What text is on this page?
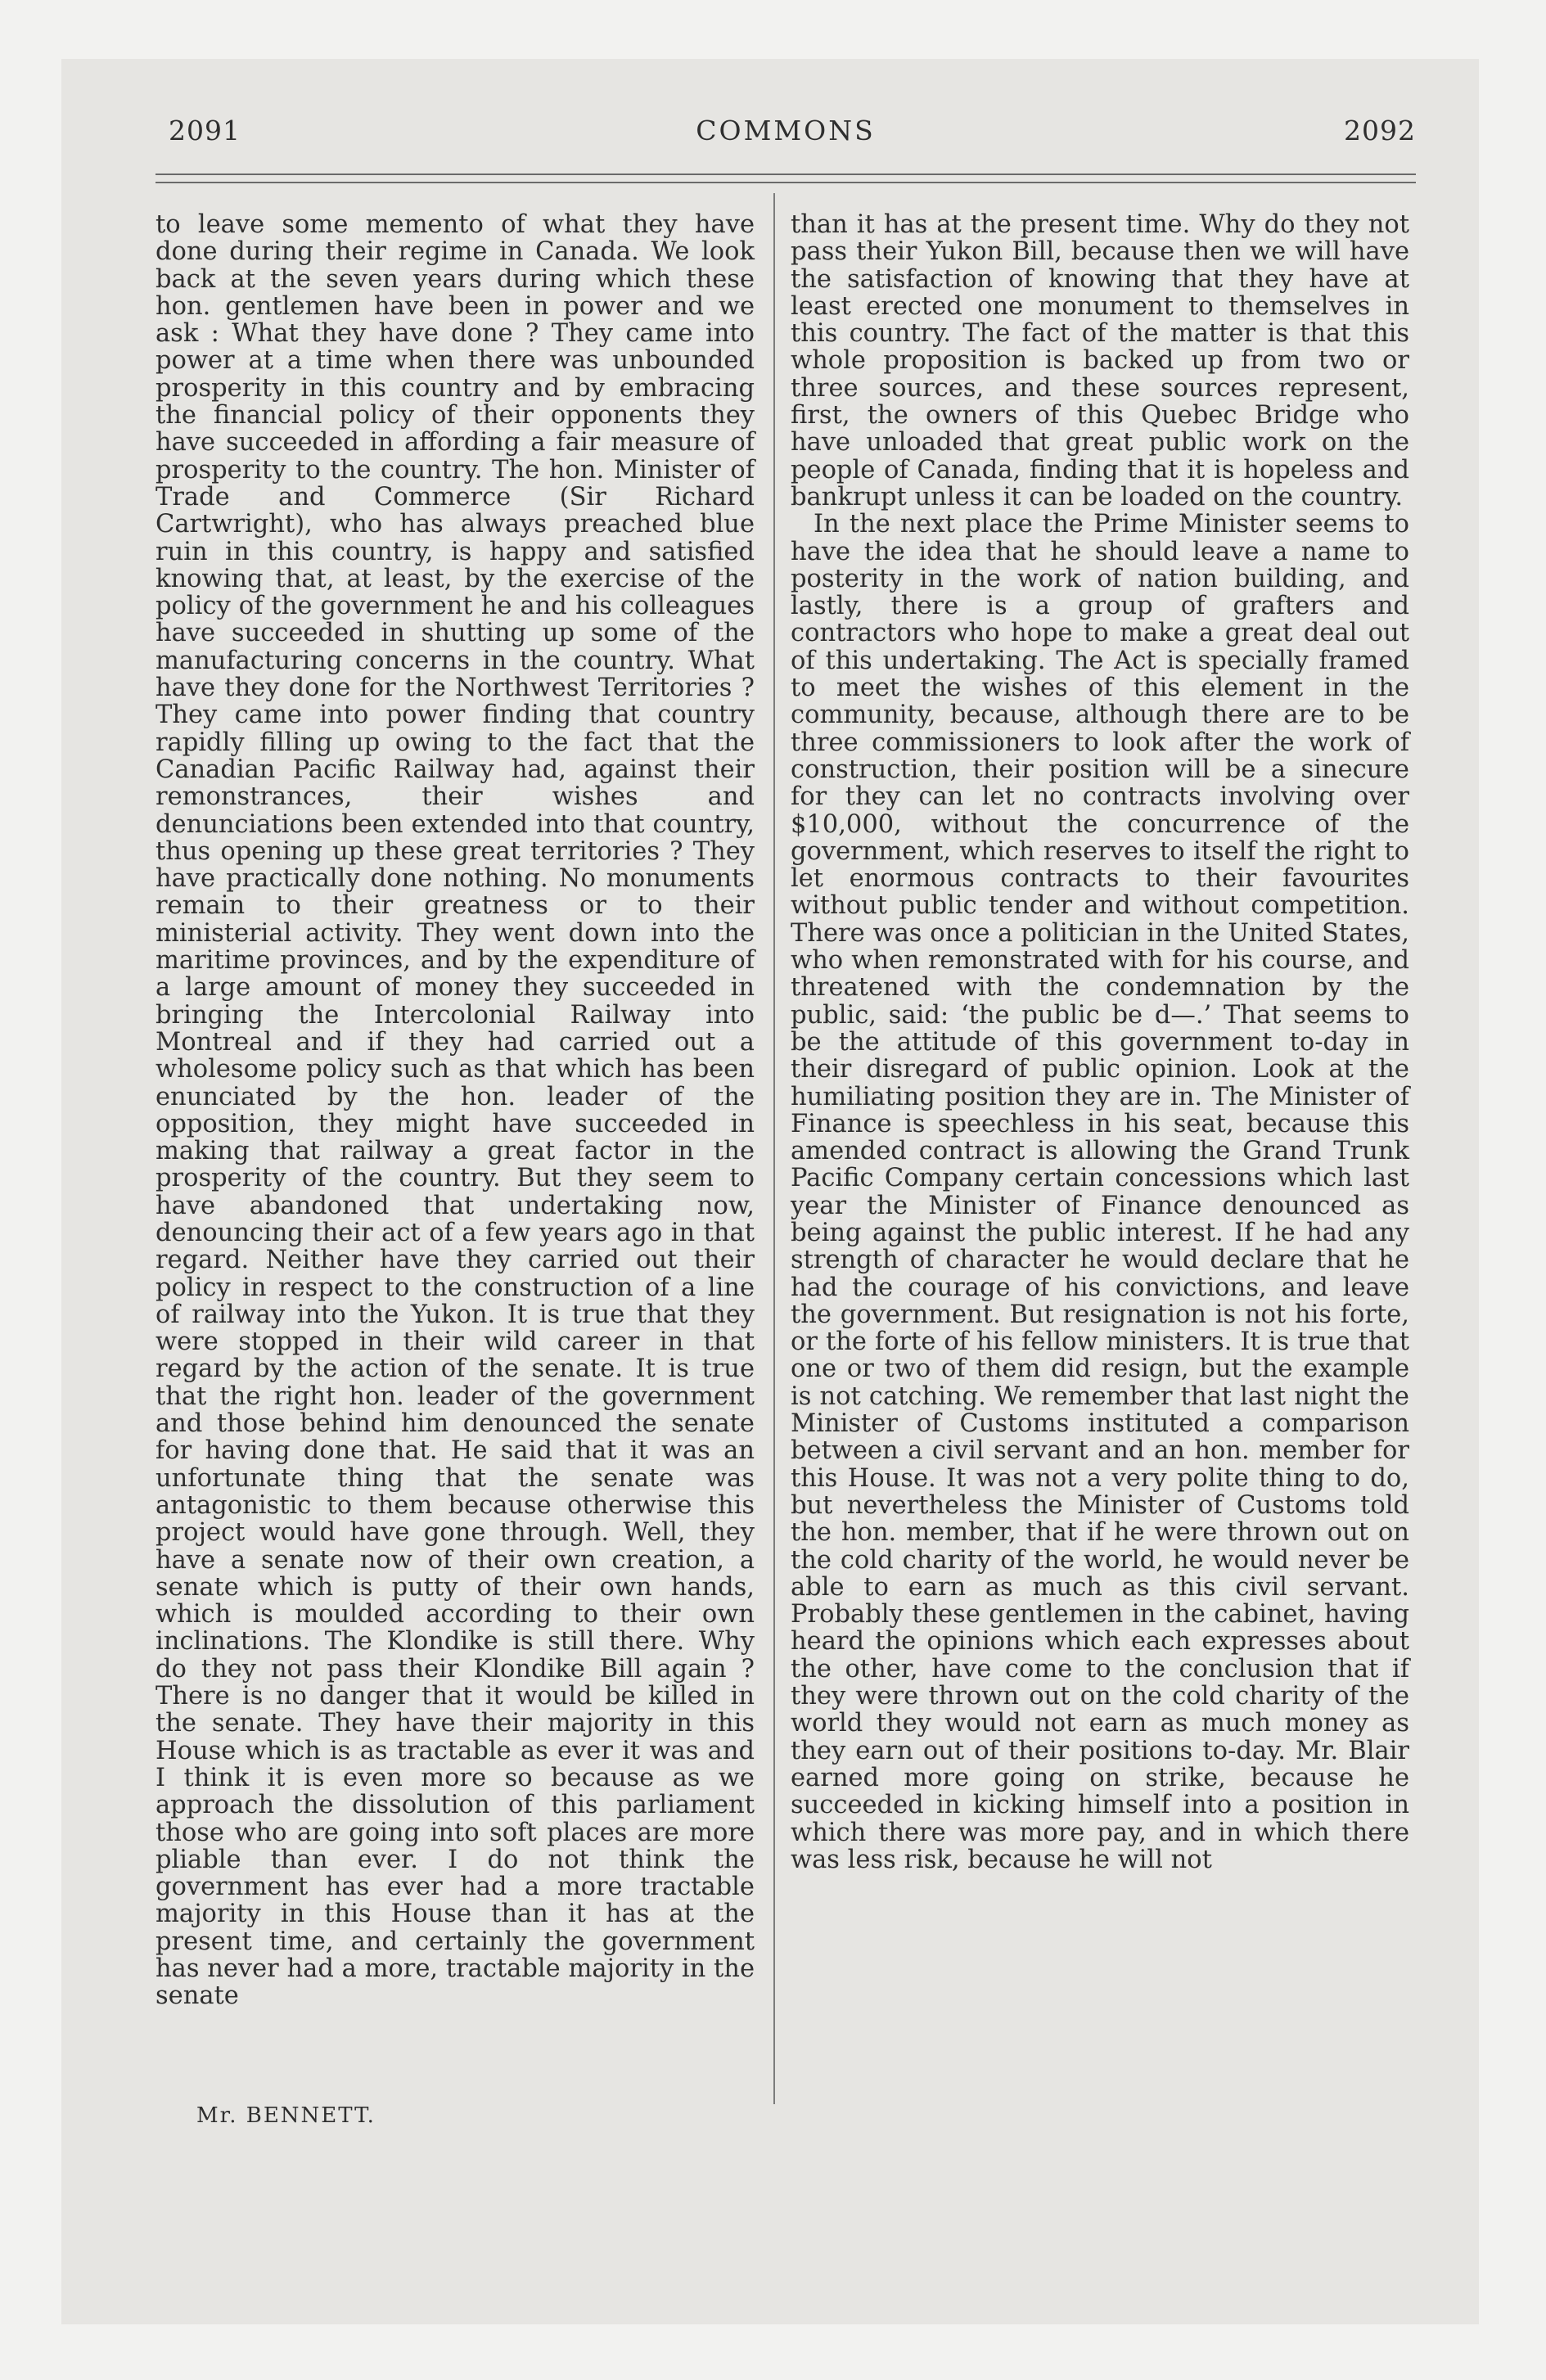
2091	COMMONS	2092

to leave some memento of what they have done during their regime in Canada. We look back at the seven years during which these hon. gentlemen have been in power and we ask : What they have done ? They came into power at a time when there was unbounded prosperity in this country and by embracing the financial policy of their opponents they have succeeded in affording a fair measure of prosperity to the country. The hon. Minister of Trade and Commerce (Sir Richard Cartwright), who has always preached blue ruin in this country, is happy and satisfied knowing that, at least, by the exercise of the policy of the government he and his colleagues have succeeded in shutting up some of the manufacturing concerns in the country. What have they done for the Northwest Territories ? They came into power finding that country rapidly filling up owing to the fact that the Canadian Pacific Railway had, against their remonstrances, their wishes and denunciations been extended into that country, thus opening up these great territories ? They have practically done nothing. No monuments remain to their greatness or to their ministerial activity. They went down into the maritime provinces, and by the expenditure of a large amount of money they succeeded in bringing the Intercolonial Railway into Montreal and if they had carried out a wholesome policy such as that which has been enunciated by the hon. leader of the opposition, they might have succeeded in making that railway a great factor in the prosperity of the country. But they seem to have abandoned that undertaking now, denouncing their act of a few years ago in that regard. Neither have they carried out their policy in respect to the construction of a line of railway into the Yukon. It is true that they were stopped in their wild career in that regard by the action of the senate. It is true that the right hon. leader of the government and those behind him denounced the senate for having done that. He said that it was an unfortunate thing that the senate was antagonistic to them because otherwise this project would have gone through. Well, they have a senate now of their own creation, a senate which is putty of their own hands, which is moulded according to their own inclinations. The Klondike is still there. Why do they not pass their Klondike Bill again ? There is no danger that it would be killed in the senate. They have their majority in this House which is as tractable as ever it was and I think it is even more so because as we approach the dissolution of this parliament those who are going into soft places are more pliable than ever. I do not think the government has ever had a more tractable majority in this House than it has at the present time, and certainly the government has never had a more, tractable majority in the senate

than it has at the present time. Why do they not pass their Yukon Bill, because then we will have the satisfaction of knowing that they have at least erected one monument to themselves in this country. The fact of the matter is that this whole proposition is backed up from two or three sources, and these sources represent, first, the owners of this Quebec Bridge who have unloaded that great public work on the people of Canada, finding that it is hopeless and bankrupt unless it can be loaded on the country.

In the next place the Prime Minister seems to have the idea that he should leave a name to posterity in the work of nation building, and lastly, there is a group of grafters and contractors who hope to make a great deal out of this undertaking. The Act is specially framed to meet the wishes of this element in the community, because, although there are to be three commissioners to look after the work of construction, their position will be a sinecure for they can let no contracts involving over $10,000, without the concurrence of the government, which reserves to itself the right to let enormous contracts to their favourites without public tender and without competition. There was once a politician in the United States, who when remonstrated with for his course, and threatened with the condemnation by the public, said: ‘the public be d—.’ That seems to be the attitude of this government to-day in their disregard of public opinion. Look at the humiliating position they are in. The Minister of Finance is speechless in his seat, because this amended contract is allowing the Grand Trunk Pacific Company certain concessions which last year the Minister of Finance denounced as being against the public interest. If he had any strength of character he would declare that he had the courage of his convictions, and leave the government. But resignation is not his forte, or the forte of his fellow ministers. It is true that one or two of them did resign, but the example is not catching. We remember that last night the Minister of Customs instituted a comparison between a civil servant and an hon. member for this House. It was not a very polite thing to do, but nevertheless the Minister of Customs told the hon. member, that if he were thrown out on the cold charity of the world, he would never be able to earn as much as this civil servant. Probably these gentlemen in the cabinet, having heard the opinions which each expresses about the other, have come to the conclusion that if they were thrown out on the cold charity of the world they would not earn as much money as they earn out of their positions to-day. Mr. Blair earned more going on strike, because he succeeded in kicking himself into a position in which there was more pay, and in which there was less risk, because he will not

Mr. BENNETT.
